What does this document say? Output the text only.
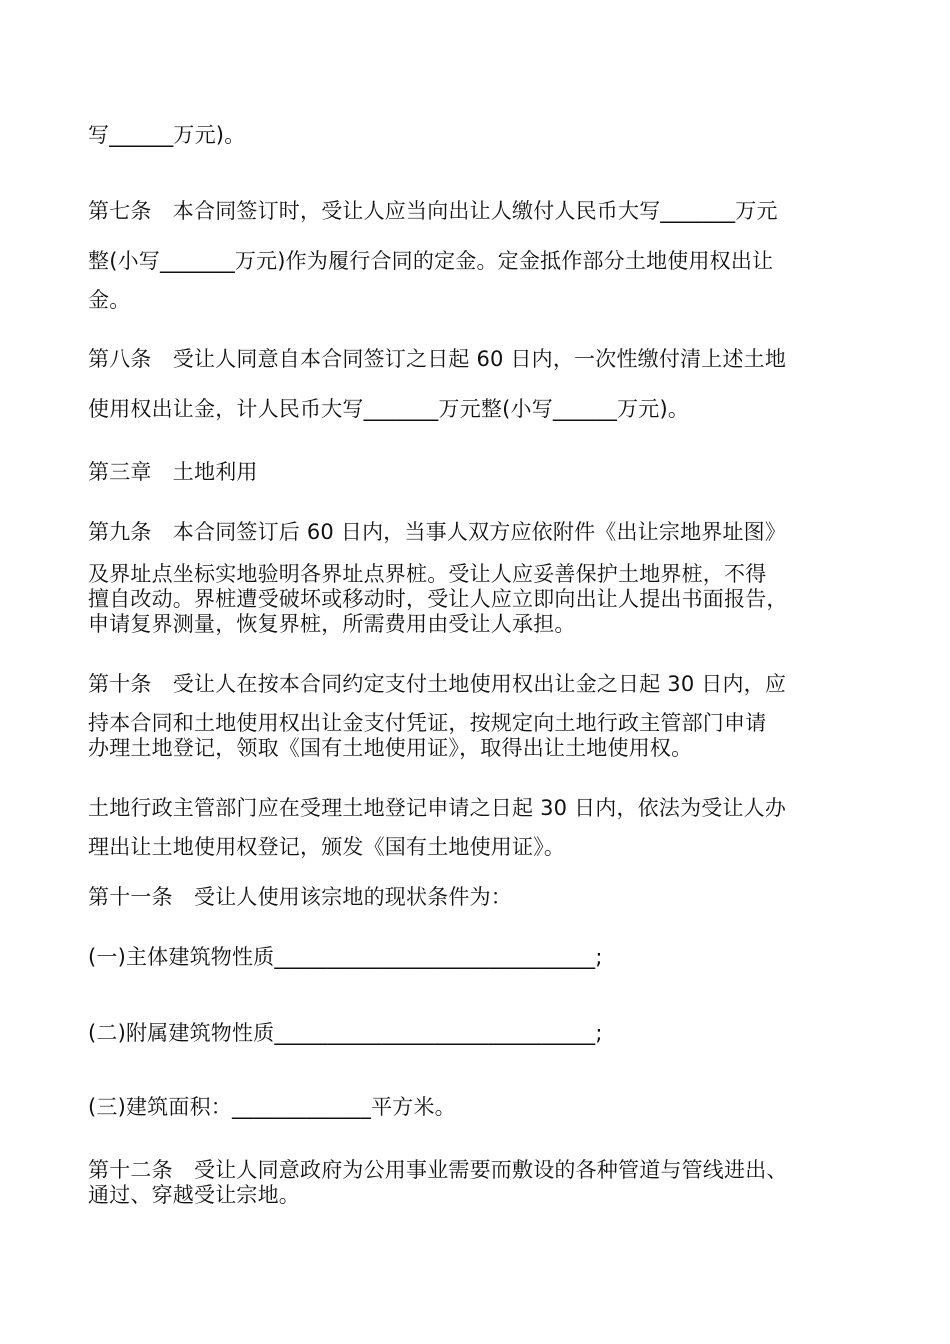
写______万元)。
第七条　本合同签订时，受让人应当向出让人缴付人民币大写_______万元
整(小写_______万元)作为履行合同的定金。定金抵作部分土地使用权出让
金。
第八条　受让人同意自本合同签订之日起 60 日内，一次性缴付清上述土地
使用权出让金，计人民币大写_______万元整(小写______万元)。
第三章　土地利用
第九条　本合同签订后 60 日内，当事人双方应依附件《出让宗地界址图》
及界址点坐标实地验明各界址点界桩。受让人应妥善保护土地界桩，不得
擅自改动。界桩遭受破坏或移动时，受让人应立即向出让人提出书面报告，
申请复界测量，恢复界桩，所需费用由受让人承担。
第十条　受让人在按本合同约定支付土地使用权出让金之日起 30 日内，应
持本合同和土地使用权出让金支付凭证，按规定向土地行政主管部门申请
办理土地登记，领取《国有土地使用证》，取得出让土地使用权。
土地行政主管部门应在受理土地登记申请之日起 30 日内，依法为受让人办
理出让土地使用权登记，颁发《国有土地使用证》。
第十一条　受让人使用该宗地的现状条件为：
(一)主体建筑物性质______________________________;
(二)附属建筑物性质______________________________;
(三)建筑面积：_____________平方米。
第十二条　受让人同意政府为公用事业需要而敷设的各种管道与管线进出、
通过、穿越受让宗地。
